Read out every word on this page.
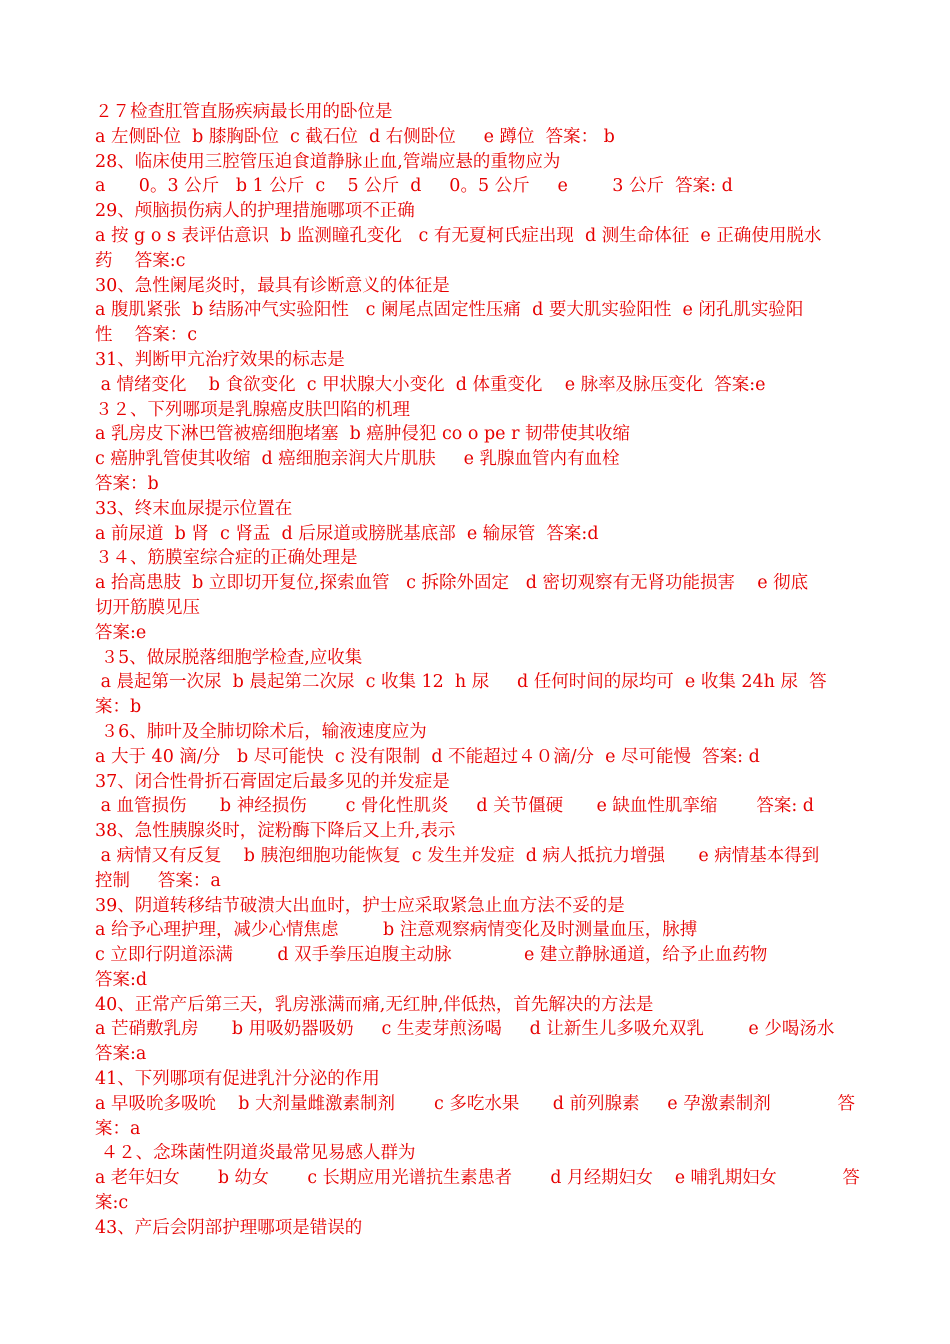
２７检查肛管直肠疾病最长用的卧位是
a 左侧卧位  b 膝胸卧位  c 截石位  d 右侧卧位     e 蹲位  答案： b
28、临床使用三腔管压迫食道静脉止血,管端应悬的重物应为
a      0。3 公斤   b 1 公斤  c    5 公斤  d     0。5 公斤     e        3 公斤  答案: d
29、颅脑损伤病人的护理措施哪项不正确
a 按 g o s 表评估意识  b 监测瞳孔变化   c 有无夏柯氏症出现  d 测生命体征  e 正确使用脱水
药    答案:c
30、急性阑尾炎时，最具有诊断意义的体征是
a 腹肌紧张  b 结肠冲气实验阳性   c 阑尾点固定性压痛  d 要大肌实验阳性  e 闭孔肌实验阳
性    答案：c
31、判断甲亢治疗效果的标志是
a 情绪变化    b 食欲变化  c 甲状腺大小变化  d 体重变化    e 脉率及脉压变化  答案:e
３２、下列哪项是乳腺癌皮肤凹陷的机理
a 乳房皮下淋巴管被癌细胞堵塞  b 癌肿侵犯 co o pe r 韧带使其收缩
c 癌肿乳管使其收缩  d 癌细胞亲润大片肌肤     e 乳腺血管内有血栓
答案：b
33、终末血尿提示位置在
a 前尿道  b 肾  c 肾盂  d 后尿道或膀胱基底部  e 输尿管  答案:d
３４、筋膜室综合症的正确处理是
a 抬高患肢  b 立即切开复位,探索血管   c 拆除外固定   d 密切观察有无肾功能损害    e 彻底
切开筋膜见压
答案:e
３5、做尿脱落细胞学检查,应收集
a 晨起第一次尿  b 晨起第二次尿  c 收集 12  h 尿     d 任何时间的尿均可  e 收集 24h 尿  答
案：b
３6、肺叶及全肺切除术后，输液速度应为
a 大于 40 滴/分   b 尽可能快  c 没有限制  d 不能超过４０滴/分  e 尽可能慢  答案: d
37、闭合性骨折石膏固定后最多见的并发症是
a 血管损伤      b 神经损伤       c 骨化性肌炎     d 关节僵硬      e 缺血性肌挛缩       答案: d
38、急性胰腺炎时，淀粉酶下降后又上升,表示
a 病情又有反复    b 胰泡细胞功能恢复  c 发生并发症  d 病人抵抗力增强      e 病情基本得到
控制     答案：a
39、阴道转移结节破溃大出血时，护士应采取紧急止血方法不妥的是
a 给予心理护理，减少心情焦虑        b 注意观察病情变化及时测量血压，脉搏
c 立即行阴道添满        d 双手拳压迫腹主动脉             e 建立静脉通道，给予止血药物
答案:d
40、正常产后第三天，乳房涨满而痛,无红肿,伴低热，首先解决的方法是
a 芒硝敷乳房      b 用吸奶器吸奶     c 生麦芽煎汤喝     d 让新生儿多吸允双乳        e 少喝汤水
答案:a
41、下列哪项有促进乳汁分泌的作用
a 早吸吮多吸吮    b 大剂量雌激素制剂       c 多吃水果      d 前列腺素     e 孕激素制剂            答
案：a
４２、念珠菌性阴道炎最常见易感人群为
a 老年妇女       b 幼女       c 长期应用光谱抗生素患者       d 月经期妇女    e 哺乳期妇女            答
案:c
43、产后会阴部护理哪项是错误的
